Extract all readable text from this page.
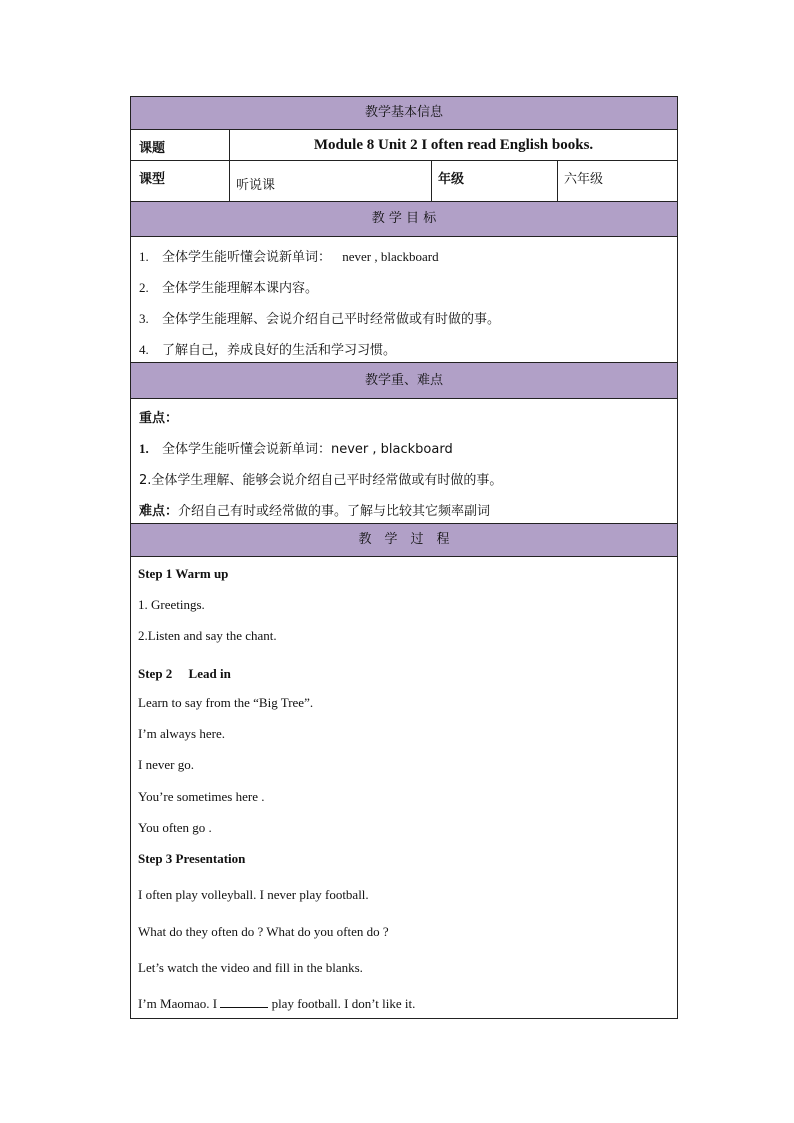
教学基本信息
课题	Module 8 Unit 2 I often read English books.
课型	听说课	年级	六年级
教 学 目 标
1. 全体学生能听懂会说新单词： never , blackboard
2. 全体学生能理解本课内容。
3. 全体学生能理解、会说介绍自己平时经常做或有时做的事。
4. 了解自己，养成良好的生活和学习习惯。
教学重、难点
重点：
1. 全体学生能听懂会说新单词：never , blackboard
2.全体学生理解、能够会说介绍自己平时经常做或有时做的事。
难点：介绍自己有时或经常做的事。了解与比较其它频率副词
教　学　过　程
Step 1 Warm up
1. Greetings.
2.Listen and say the chant.
Step 2　 Lead in
Learn to say from the “Big Tree”.
I’m always here.
I never go.
You’re sometimes here .
You often go .
Step 3 Presentation
I often play volleyball. I never play football.
What do they often do ? What do you often do ?
Let’s watch the video and fill in the blanks.
I’m Maomao. I	play football. I don’t like it.
